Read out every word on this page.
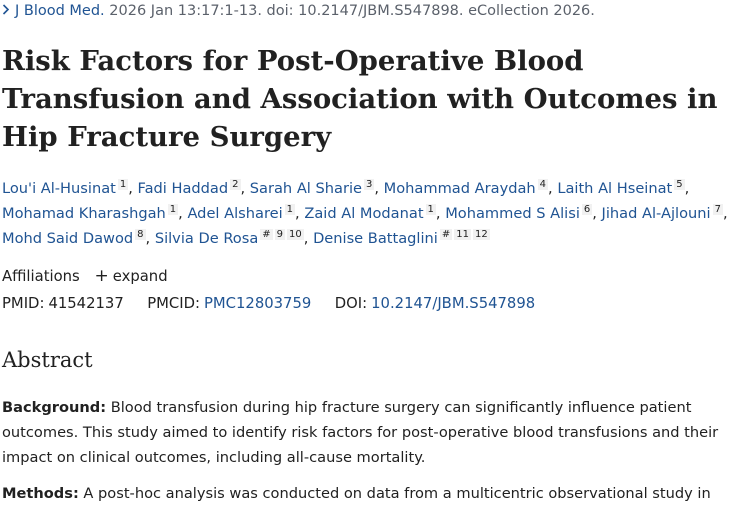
J Blood Med. 2026 Jan 13:17:1-13. doi: 10.2147/JBM.S547898. eCollection 2026.
Risk Factors for Post-Operative Blood Transfusion and Association with Outcomes in Hip Fracture Surgery
Lou'i Al-Husinat $^1$ , Fadi Haddad $^2$ , Sarah Al Sharie $^3$ , Mohammad Araydah $^4$ , Laith Al Hseinat $^5$ , Mohamad Kharashgah $^1$ , Adel Alsharei $^1$ , Zaid Al Modanat $^1$ , Mohammed S Alisi $^6$ , Jihad Al-Ajlouni $^7$ , Mohd Said Dawod $^8$ , Silvia De Rosa # $^9$ $^{10}$ , Denise Battaglini # $^{11}$ $^{12}$
Affiliations + expand
PMID: 41542137 PMCID: PMC12803759 DOI: 10.2147/JBM.S547898
Abstract

Background: Blood transfusion during hip fracture surgery can significantly influence patient outcomes. This study aimed to identify risk factors for post-operative blood transfusions and their impact on clinical outcomes, including all-cause mortality.

Methods: A post-hoc analysis was conducted on data from a multicentric observational study in
